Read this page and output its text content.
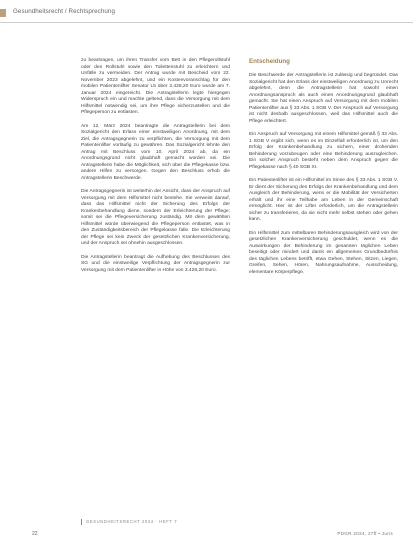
Gesundheitsrecht / Rechtsprechung

zu beantragen, um ihren Transfer vom Bett in den Pflegerollstuhl oder den Rollstuhl sowie den Toilettenstuhl zu erleichtern und Unfälle zu vermeiden. Der Antrag wurde mit Bescheid vom 22. November 2023 abgelehnt, und ein Kostenvoranschlag für den mobilen Patientenlifter Senator L5 über 3.428,20 Euro wurde am 7. Januar 2024 eingereicht. Die Antragstellerin legte hiergegen Widerspruch ein und machte geltend, dass die Versorgung mit dem Hilfsmittel notwendig sei, um ihre Pflege sicherzustellen und die Pflegeperson zu entlasten.

Am 12. März 2024 beantragte die Antragstellerin bei dem Sozialgericht den Erlass einer einstweiligen Anordnung, mit dem Ziel, die Antragsgegnerin zu verpflichten, die Versorgung mit dem Patientenlifter vorläufig zu gewähren. Das Sozialgericht lehnte den Antrag mit Beschluss vom 10. April 2024 ab, da ein Anordnungsgrund nicht glaubhaft gemacht worden sei. Die Antragstellerin habe die Möglichkeit, sich über die Pflegekasse bzw. andere Hilfen zu versorgen. Gegen den Beschluss erhob die Antragstellerin Beschwerde.

Die Antragsgegnerin ist weiterhin der Ansicht, dass der Anspruch auf Versorgung mit dem Hilfsmittel nicht bestehe. Sie verweist darauf, dass das Hilfsmittel nicht der Sicherung des Erfolgs der Krankenbehandlung diene, sondern der Erleichterung der Pflege; somit sei die Pflegeversicherung zuständig. Mit dem gewählten Hilfsmittel würde überwiegend die Pflegeperson entlastet, was in den Zuständigkeitsbereich der Pflegekasse falle. Die Erleichterung der Pflege sei kein Zweck der gesetzlichen Krankenversicherung, und der Anspruch sei ohnehin ausgeschlossen.

Die Antragstellerin beantragt die Aufhebung des Beschlusses des SG und die einstweilige Verpflichtung der Antragsgegnerin zur Versorgung mit dem Patientenlifter in Höhe von 3.428,20 Euro.

Entscheidung

Die Beschwerde der Antragstellerin ist zulässig und begründet. Das Sozialgericht hat den Erlass der einstweiligen Anordnung zu Unrecht abgelehnt, denn die Antragstellerin hat sowohl einen Anordnungsanspruch als auch einen Anordnungsgrund glaubhaft gemacht. Sie hat einen Anspruch auf Versorgung mit dem mobilen Patientenlifter aus § 33 Abs. 1 SGB V. Der Anspruch auf Versorgung ist nicht deshalb ausgeschlossen, weil das Hilfsmittel auch die Pflege erleichtert.

Ein Anspruch auf Versorgung mit einem Hilfsmittel gemäß § 33 Abs. 1 SGB V ergibt sich, wenn es im Einzelfall erforderlich ist, um den Erfolg der Krankenbehandlung zu sichern, einer drohenden Behinderung vorzubeugen oder eine Behinderung auszugleichen. Ein solcher Anspruch besteht neben dem Anspruch gegen die Pflegekasse nach § 40 SGB XI.

Ein Patientenlifter ist ein Hilfsmittel im Sinne des § 33 Abs. 1 SGB V. Er dient der Sicherung des Erfolgs der Krankenbehandlung und dem Ausgleich der Behinderung, wenn er die Mobilität der Versicherten erhält und ihr eine Teilhabe am Leben in der Gemeinschaft ermöglicht. Hier ist der Lifter erforderlich, um die Antragstellerin sicher zu transferieren, da sie nicht mehr selbst stehen oder gehen kann.

Ein Hilfsmittel zum mittelbaren Behinderungsausgleich wird von der gesetzlichen Krankenversicherung geschuldet, wenn es die Auswirkungen der Behinderung im gesamten täglichen Leben beseitigt oder mindert und damit ein allgemeines Grundbedürfnis des täglichen Lebens betrifft, etwa Gehen, Stehen, Sitzen, Liegen, Greifen, Sehen, Hören, Nahrungsaufnahme, Ausscheidung, elementare Körperpflege.

GESUNDHEITSRECHT 2024 · HEFT 7
22	PDGR 2024, 27ff • Juris
